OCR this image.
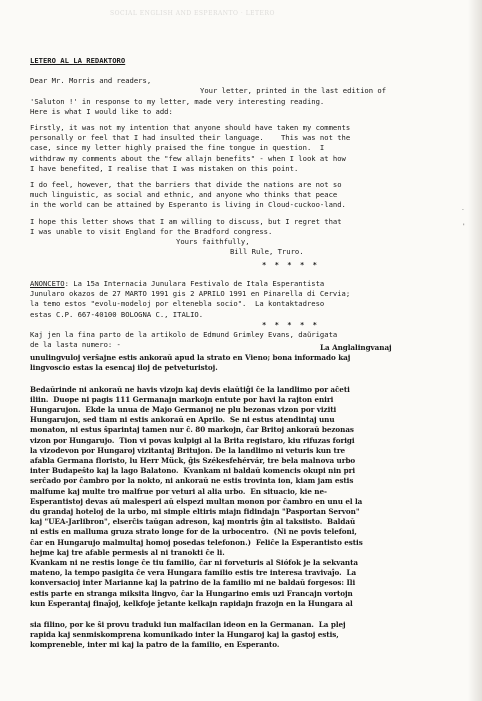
SOCIAL ENGLISH AND ESPERANTO · LETERO

LETERO AL LA REDAKTORO

Dear Mr. Morris and readers,

Your letter, printed in the last edition of

'Saluton !' in response to my letter, made very interesting reading.

Here is what I would like to add:

Firstly, it was not my intention that anyone should have taken my comments

personally or feel that I had insulted their language.    This was not the

case, since my letter highly praised the fine tongue in question.  I

withdraw my comments about the "few allajn benefits" - when I look at how

I have benefited, I realise that I was mistaken on this point.

I do feel, however, that the barriers that divide the nations are not so

much linguistic, as social and ethnic, and anyone who thinks that peace

in the world can be attained by Esperanto is living in Cloud-cuckoo-land.

I hope this letter shows that I am willing to discuss, but I regret that

I was unable to visit England for the Bradford congress.

Yours faithfully,

Bill Rule, Truro.

* * * * *

ANONCETO: La 15a Internacia Junulara Festivalo de Itala Esperantista

Junularo okazos de 27 MARTO 1991 gis 2 APRILO 1991 en Pinarella di Cervia;

la temo estos "evolu-modeloj por eltenebla socio".  La kontaktadreso

estas C.P. 667-40100 BOLOGNA C., ITALIO.

* * * * *

Kaj jen la fina parto de la artikolo de Edmund Grimley Evans, daŭrigata

de la lasta numero: -	La Anglalingvanaj

unulingvuloj verŝajne estis ankoraŭ apud la strato en Vieno; bona informado kaj

lingvoscio estas la esencaj iloj de petveturistoj.

Bedaŭrinde ni ankoraŭ ne havis vizojn kaj devis elaŭtiĝi ĉe la landlimo por aĉeti

iliin.  Duope ni pagis 111 Germanajn markojn entute por havi la rajton eniri

Hungarujon.  Ekde la unua de Majo Germanoj ne plu bezonas vizon por viziti

Hungarujon, sed tiam ni estis ankoraŭ en Aprilo.  Se ni estus atendintaj unu

monaton, ni estus ŝparintaj tamen nur ĉ. 80 markojn, ĉar Britoj ankoraŭ bezonas

vizon por Hungarujo.  Tion vi povas kulpigi al la Brita registaro, kiu rifuzas forigi

la vizodevon por Hungaroj vizitantaj Britujon. De la landlimo ni veturis kun tre

afabla Germana floristo, lu Herr Mück, ĝis Székesfehérvár, tre bela malnova urbo

inter Budapeŝto kaj la lago Balatono.  Kvankam ni baldaŭ komencis okupi nin pri

serĉado por ĉambro por la nokto, ni ankoraŭ ne estis trovinta ion, kiam jam estis

malfume kaj multe tro malfrue por veturi al alia urbo.  En situacio, kie ne-

Esperantistoj devas aŭ malesperi aŭ elspezi multan monon por ĉambro en unu el la

du grandaj hoteloj de la urbo, mi simple eltiris miajn fidindajn "Pasportan Servon"

kaj "UEA-Jarlibron", elserĉis taŭgan adreson, kaj montris ĝin al taksiisto.  Baldaŭ

ni estis en malluma gruza strato longe for de la urbocentro.  (Ni ne povis telefoni,

ĉar en Hungarujo malmultaj homoj posedas telefonon.)  Feliĉe la Esperantisto estis

hejme kaj tre afable permesis al ni tranokti ĉe li.

Kvankam ni ne restis longe ĉe tiu familio, ĉar ni forveturis al Siófok je la sekvanta

mateno, la tempo pasigita ĉe vera Hungara familio estis tre interesa travivaĵo.  La

konversacioj inter Marianne kaj la patrino de la familio mi ne baldaŭ forgesos: Ili

estis parte en stranga miksita lingvo, ĉar la Hungarino emis uzi Francajn vortojn

kun Esperantaj finaĵoj, kelkfoje ĵetante kelkajn rapidajn frazojn en la Hungara al

sia filino, por ke ŝi provu traduki iun malfacilan ideon en la Germanan.  La plej

rapida kaj senmiskomprena komunikado inter la Hungaroj kaj la gastoj estis,

kompreneble, inter mi kaj la patro de la familio, en Esperanto.

.
'
